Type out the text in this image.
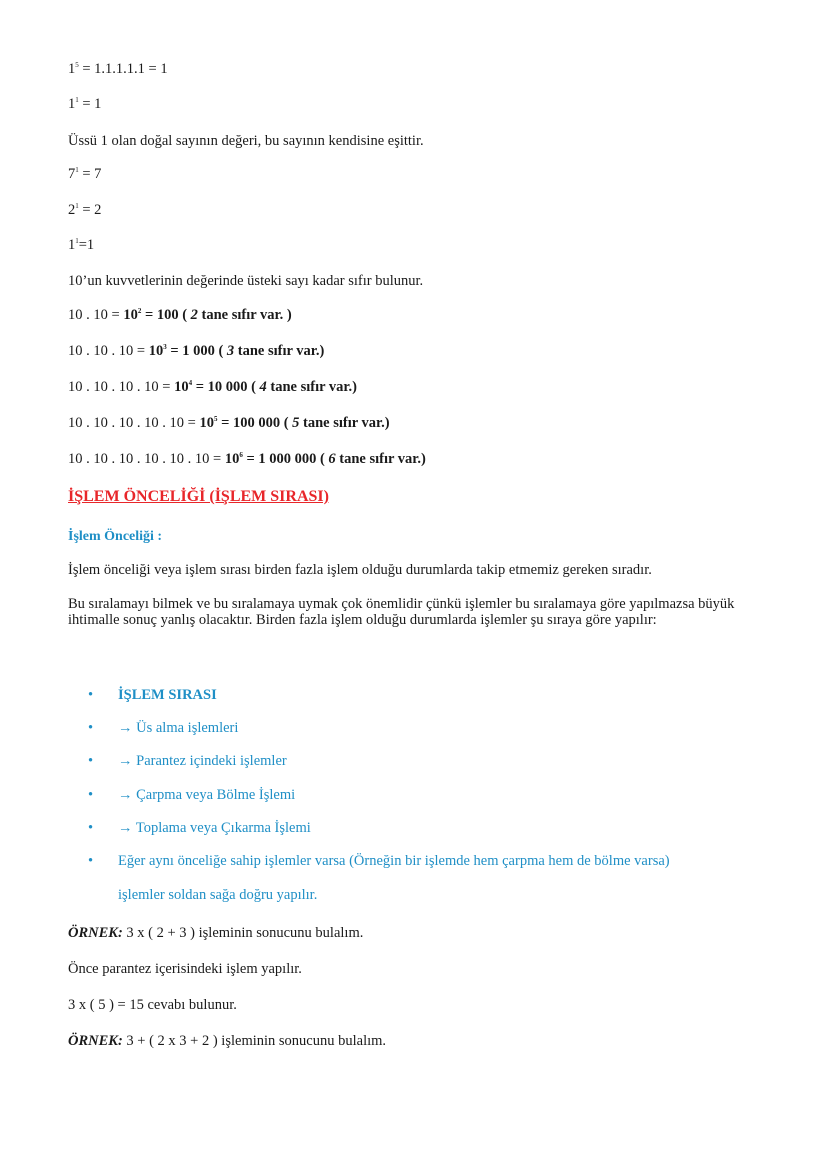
$1^5 = 1.1.1.1.1 = 1$
$1^1 = 1$
Üssü 1 olan doğal sayının değeri, bu sayının kendisine eşittir.
$7^1 = 7$
$2^1 = 2$
$1^1=1$
10’un kuvvetlerinin değerinde üsteki sayı kadar sıfır bulunur.
10 . $10 = 10^2 = 100$ ( 2 tane sıfır var. )
10 . 10 . $10 = 10^3 = 1$ 000 ( 3 tane sıfır var.)
10 . 10 . 10 . $10 = 10^4 = 10$ 000 ( 4 tane sıfır var.)
10 . 10 . 10 . 10 . $10 = 10^5 = 100$ 000 ( 5 tane sıfır var.)
10 . 10 . 10 . 10 . 10 . $10 = 10^6 = 1$ 000 000 ( 6 tane sıfır var.)
İŞLEM ÖNCELİĞİ (İŞLEM SIRASI)
İşlem Önceliği :
İşlem önceliği veya işlem sırası birden fazla işlem olduğu durumlarda takip etmemiz gereken sıradır.
Bu sıralamayı bilmek ve bu sıralamaya uymak çok önemlidir çünkü işlemler bu sıralamaya göre yapılmazsa büyük ihtimalle sonuç yanlış olacaktır. Birden fazla işlem olduğu durumlarda işlemler şu sıraya göre yapılır:
• İŞLEM SIRASI
• → Üs alma işlemleri
• → Parantez içindeki işlemler
• → Çarpma veya Bölme İşlemi
• → Toplama veya Çıkarma İşlemi
• Eğer aynı önceliğe sahip işlemler varsa (Örneğin bir işlemde hem çarpma hem de bölme varsa)
işlemler soldan sağa doğru yapılır.
ÖRNEK: 3 x ( 2 + 3 ) işleminin sonucunu bulalım.
Önce parantez içerisindeki işlem yapılır.
3 x ( 5 ) = 15 cevabı bulunur.
ÖRNEK: 3 + ( 2 x 3 + 2 ) işleminin sonucunu bulalım.
